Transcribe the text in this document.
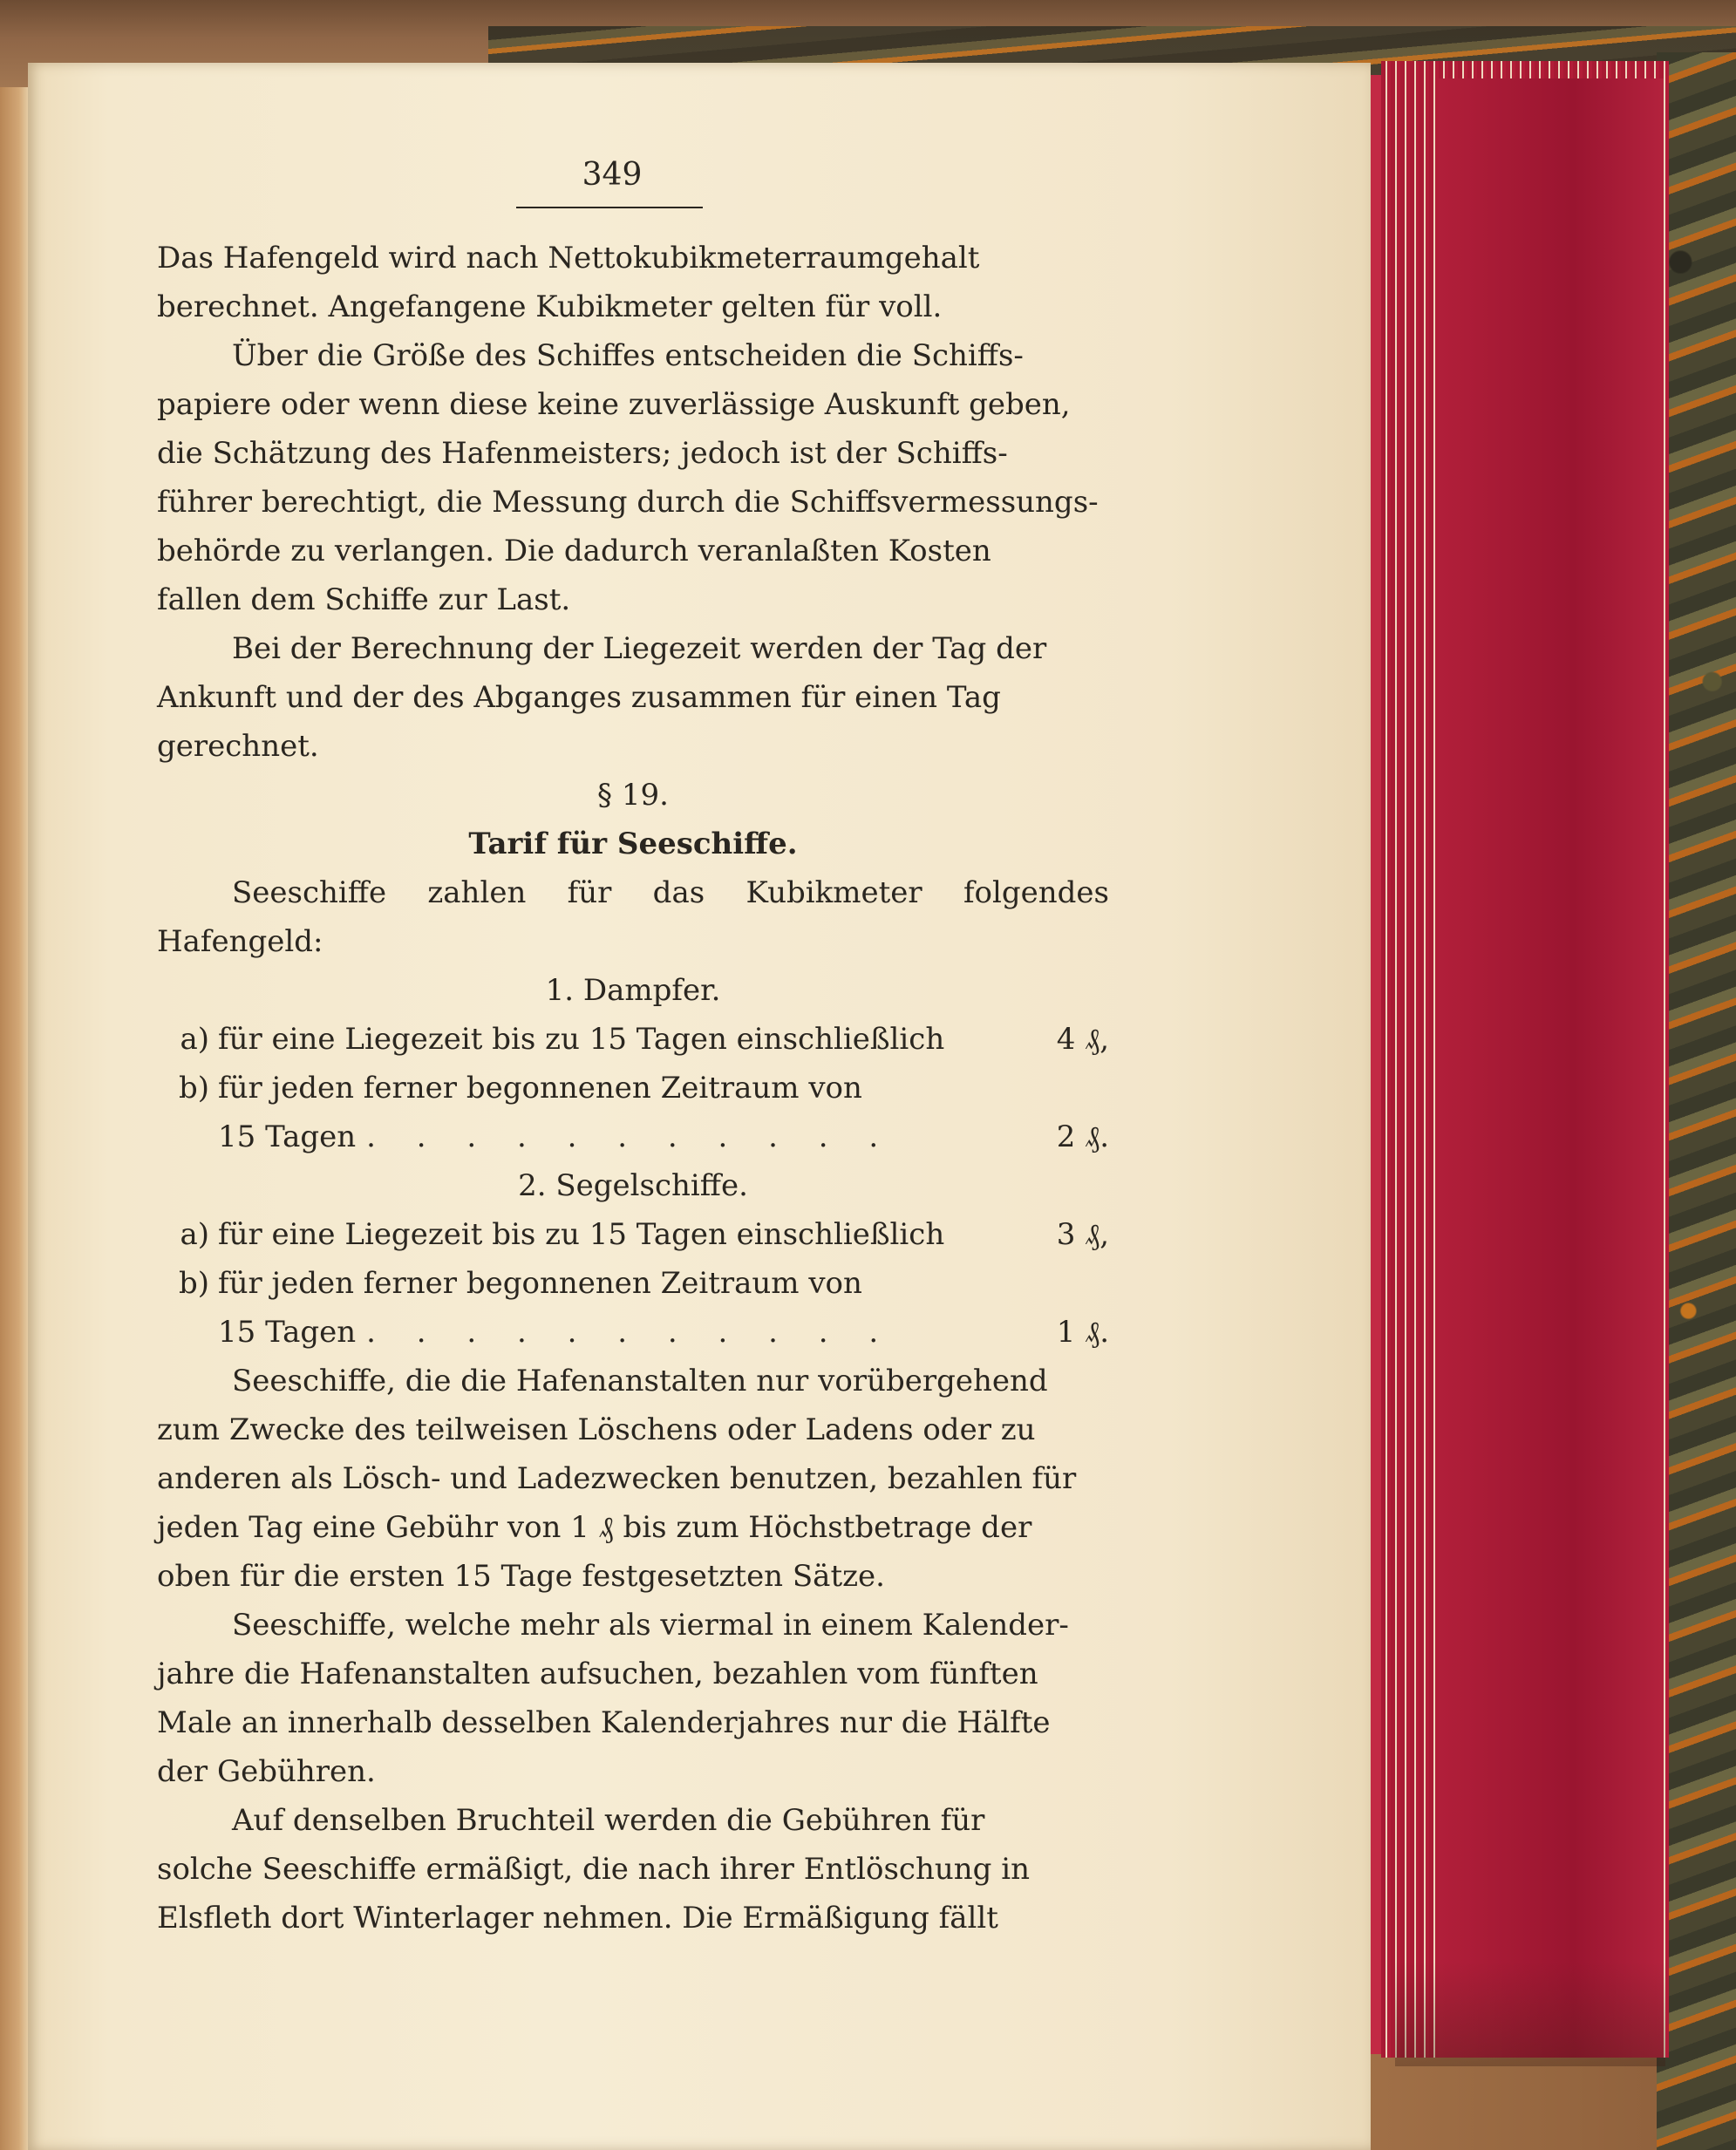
349

Das Hafengeld wird nach Nettokubikmeterraumgehalt
berechnet. Angefangene Kubikmeter gelten für voll.

Über die Größe des Schiffes entscheiden die Schiffs-
papiere oder wenn diese keine zuverlässige Auskunft geben,
die Schätzung des Hafenmeisters; jedoch ist der Schiffs-
führer berechtigt, die Messung durch die Schiffsvermessungs-
behörde zu verlangen. Die dadurch veranlaßten Kosten
fallen dem Schiffe zur Last.

Bei der Berechnung der Liegezeit werden der Tag der
Ankunft und der des Abganges zusammen für einen Tag
gerechnet.

§ 19.

Tarif für Seeschiffe.

Seeschiffe zahlen für das Kubikmeter folgendes Hafengeld:

1. Dampfer.

a) für eine Liegezeit bis zu 15 Tagen einschließlich	4 ₰,
b) für jeden ferner begonnenen Zeitraum von
15 Tagen . . . . . . . . . . .	2 ₰.

2. Segelschiffe.

a) für eine Liegezeit bis zu 15 Tagen einschließlich	3 ₰,
b) für jeden ferner begonnenen Zeitraum von
15 Tagen . . . . . . . . . . .	1 ₰.

Seeschiffe, die die Hafenanstalten nur vorübergehend
zum Zwecke des teilweisen Löschens oder Ladens oder zu
anderen als Lösch- und Ladezwecken benutzen, bezahlen für
jeden Tag eine Gebühr von 1 ₰ bis zum Höchstbetrage der
oben für die ersten 15 Tage festgesetzten Sätze.

Seeschiffe, welche mehr als viermal in einem Kalender-
jahre die Hafenanstalten aufsuchen, bezahlen vom fünften
Male an innerhalb desselben Kalenderjahres nur die Hälfte
der Gebühren.

Auf denselben Bruchteil werden die Gebühren für
solche Seeschiffe ermäßigt, die nach ihrer Entlöschung in
Elsfleth dort Winterlager nehmen. Die Ermäßigung fällt
